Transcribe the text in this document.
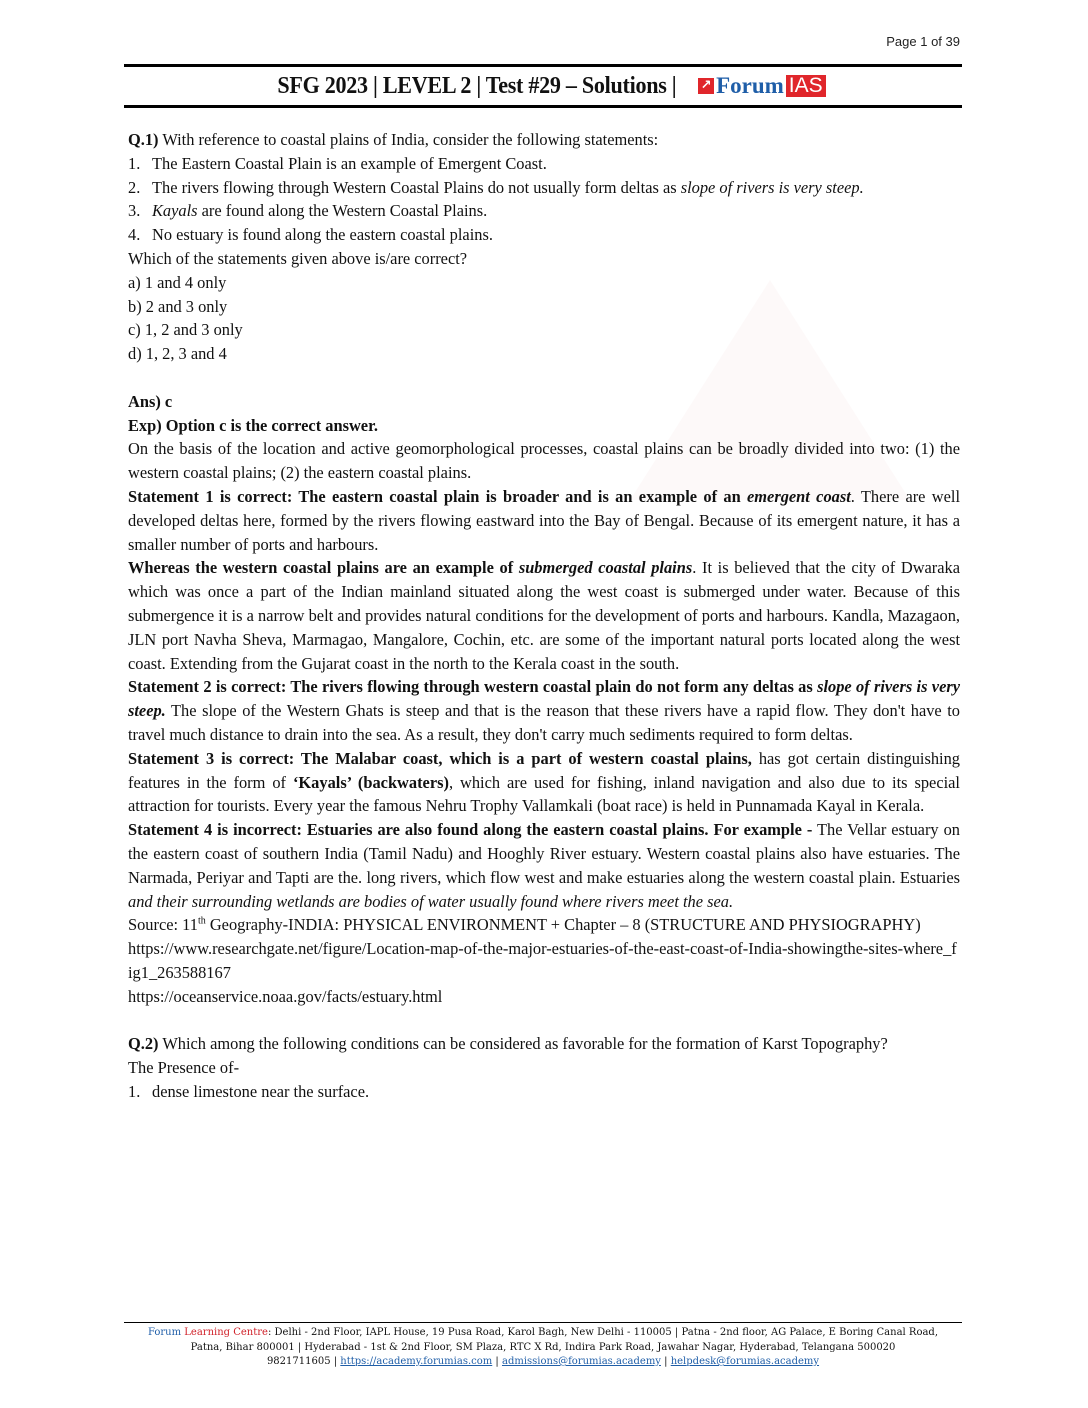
Page 1 of 39
SFG 2023 | LEVEL 2 | Test #29 – Solutions | ↗ Forum IAS

Q.1) With reference to coastal plains of India, consider the following statements:

1. The Eastern Coastal Plain is an example of Emergent Coast.
2. The rivers flowing through Western Coastal Plains do not usually form deltas as slope of rivers is very steep.
3. Kayals are found along the Western Coastal Plains.
4. No estuary is found along the eastern coastal plains.

Which of the statements given above is/are correct?

a) 1 and 4 only

b) 2 and 3 only

c) 1, 2 and 3 only

d) 1, 2, 3 and 4

Ans) c

Exp) Option c is the correct answer.

On the basis of the location and active geomorphological processes, coastal plains can be broadly divided into two: (1) the western coastal plains; (2) the eastern coastal plains.

Statement 1 is correct: The eastern coastal plain is broader and is an example of an emergent coast. There are well developed deltas here, formed by the rivers flowing eastward into the Bay of Bengal. Because of its emergent nature, it has a smaller number of ports and harbours.

Whereas the western coastal plains are an example of submerged coastal plains. It is believed that the city of Dwaraka which was once a part of the Indian mainland situated along the west coast is submerged under water. Because of this submergence it is a narrow belt and provides natural conditions for the development of ports and harbours. Kandla, Mazagaon, JLN port Navha Sheva, Marmagao, Mangalore, Cochin, etc. are some of the important natural ports located along the west coast. Extending from the Gujarat coast in the north to the Kerala coast in the south.

Statement 2 is correct: The rivers flowing through western coastal plain do not form any deltas as slope of rivers is very steep. The slope of the Western Ghats is steep and that is the reason that these rivers have a rapid flow. They don't have to travel much distance to drain into the sea. As a result, they don't carry much sediments required to form deltas.

Statement 3 is correct: The Malabar coast, which is a part of western coastal plains, has got certain distinguishing features in the form of ‘Kayals’ (backwaters), which are used for fishing, inland navigation and also due to its special attraction for tourists. Every year the famous Nehru Trophy Vallamkali (boat race) is held in Punnamada Kayal in Kerala.

Statement 4 is incorrect: Estuaries are also found along the eastern coastal plains. For example - The Vellar estuary on the eastern coast of southern India (Tamil Nadu) and Hooghly River estuary. Western coastal plains also have estuaries. The Narmada, Periyar and Tapti are the. long rivers, which flow west and make estuaries along the western coastal plain. Estuaries and their surrounding wetlands are bodies of water usually found where rivers meet the sea.

Source: 11th Geography-INDIA: PHYSICAL ENVIRONMENT + Chapter – 8 (STRUCTURE AND PHYSIOGRAPHY)

https://www.researchgate.net/figure/Location-map-of-the-major-estuaries-of-the-east-coast-of-India-showingthe-sites-where_fig1_263588167

https://oceanservice.noaa.gov/facts/estuary.html

Q.2) Which among the following conditions can be considered as favorable for the formation of Karst Topography?

The Presence of-

1. dense limestone near the surface.
Forum Learning Centre: Delhi - 2nd Floor, IAPL House, 19 Pusa Road, Karol Bagh, New Delhi - 110005 | Patna - 2nd floor, AG Palace, E Boring Canal Road,
Patna, Bihar 800001 | Hyderabad - 1st & 2nd Floor, SM Plaza, RTC X Rd, Indira Park Road, Jawahar Nagar, Hyderabad, Telangana 500020
9821711605 | https://academy.forumias.com | admissions@forumias.academy | helpdesk@forumias.academy
